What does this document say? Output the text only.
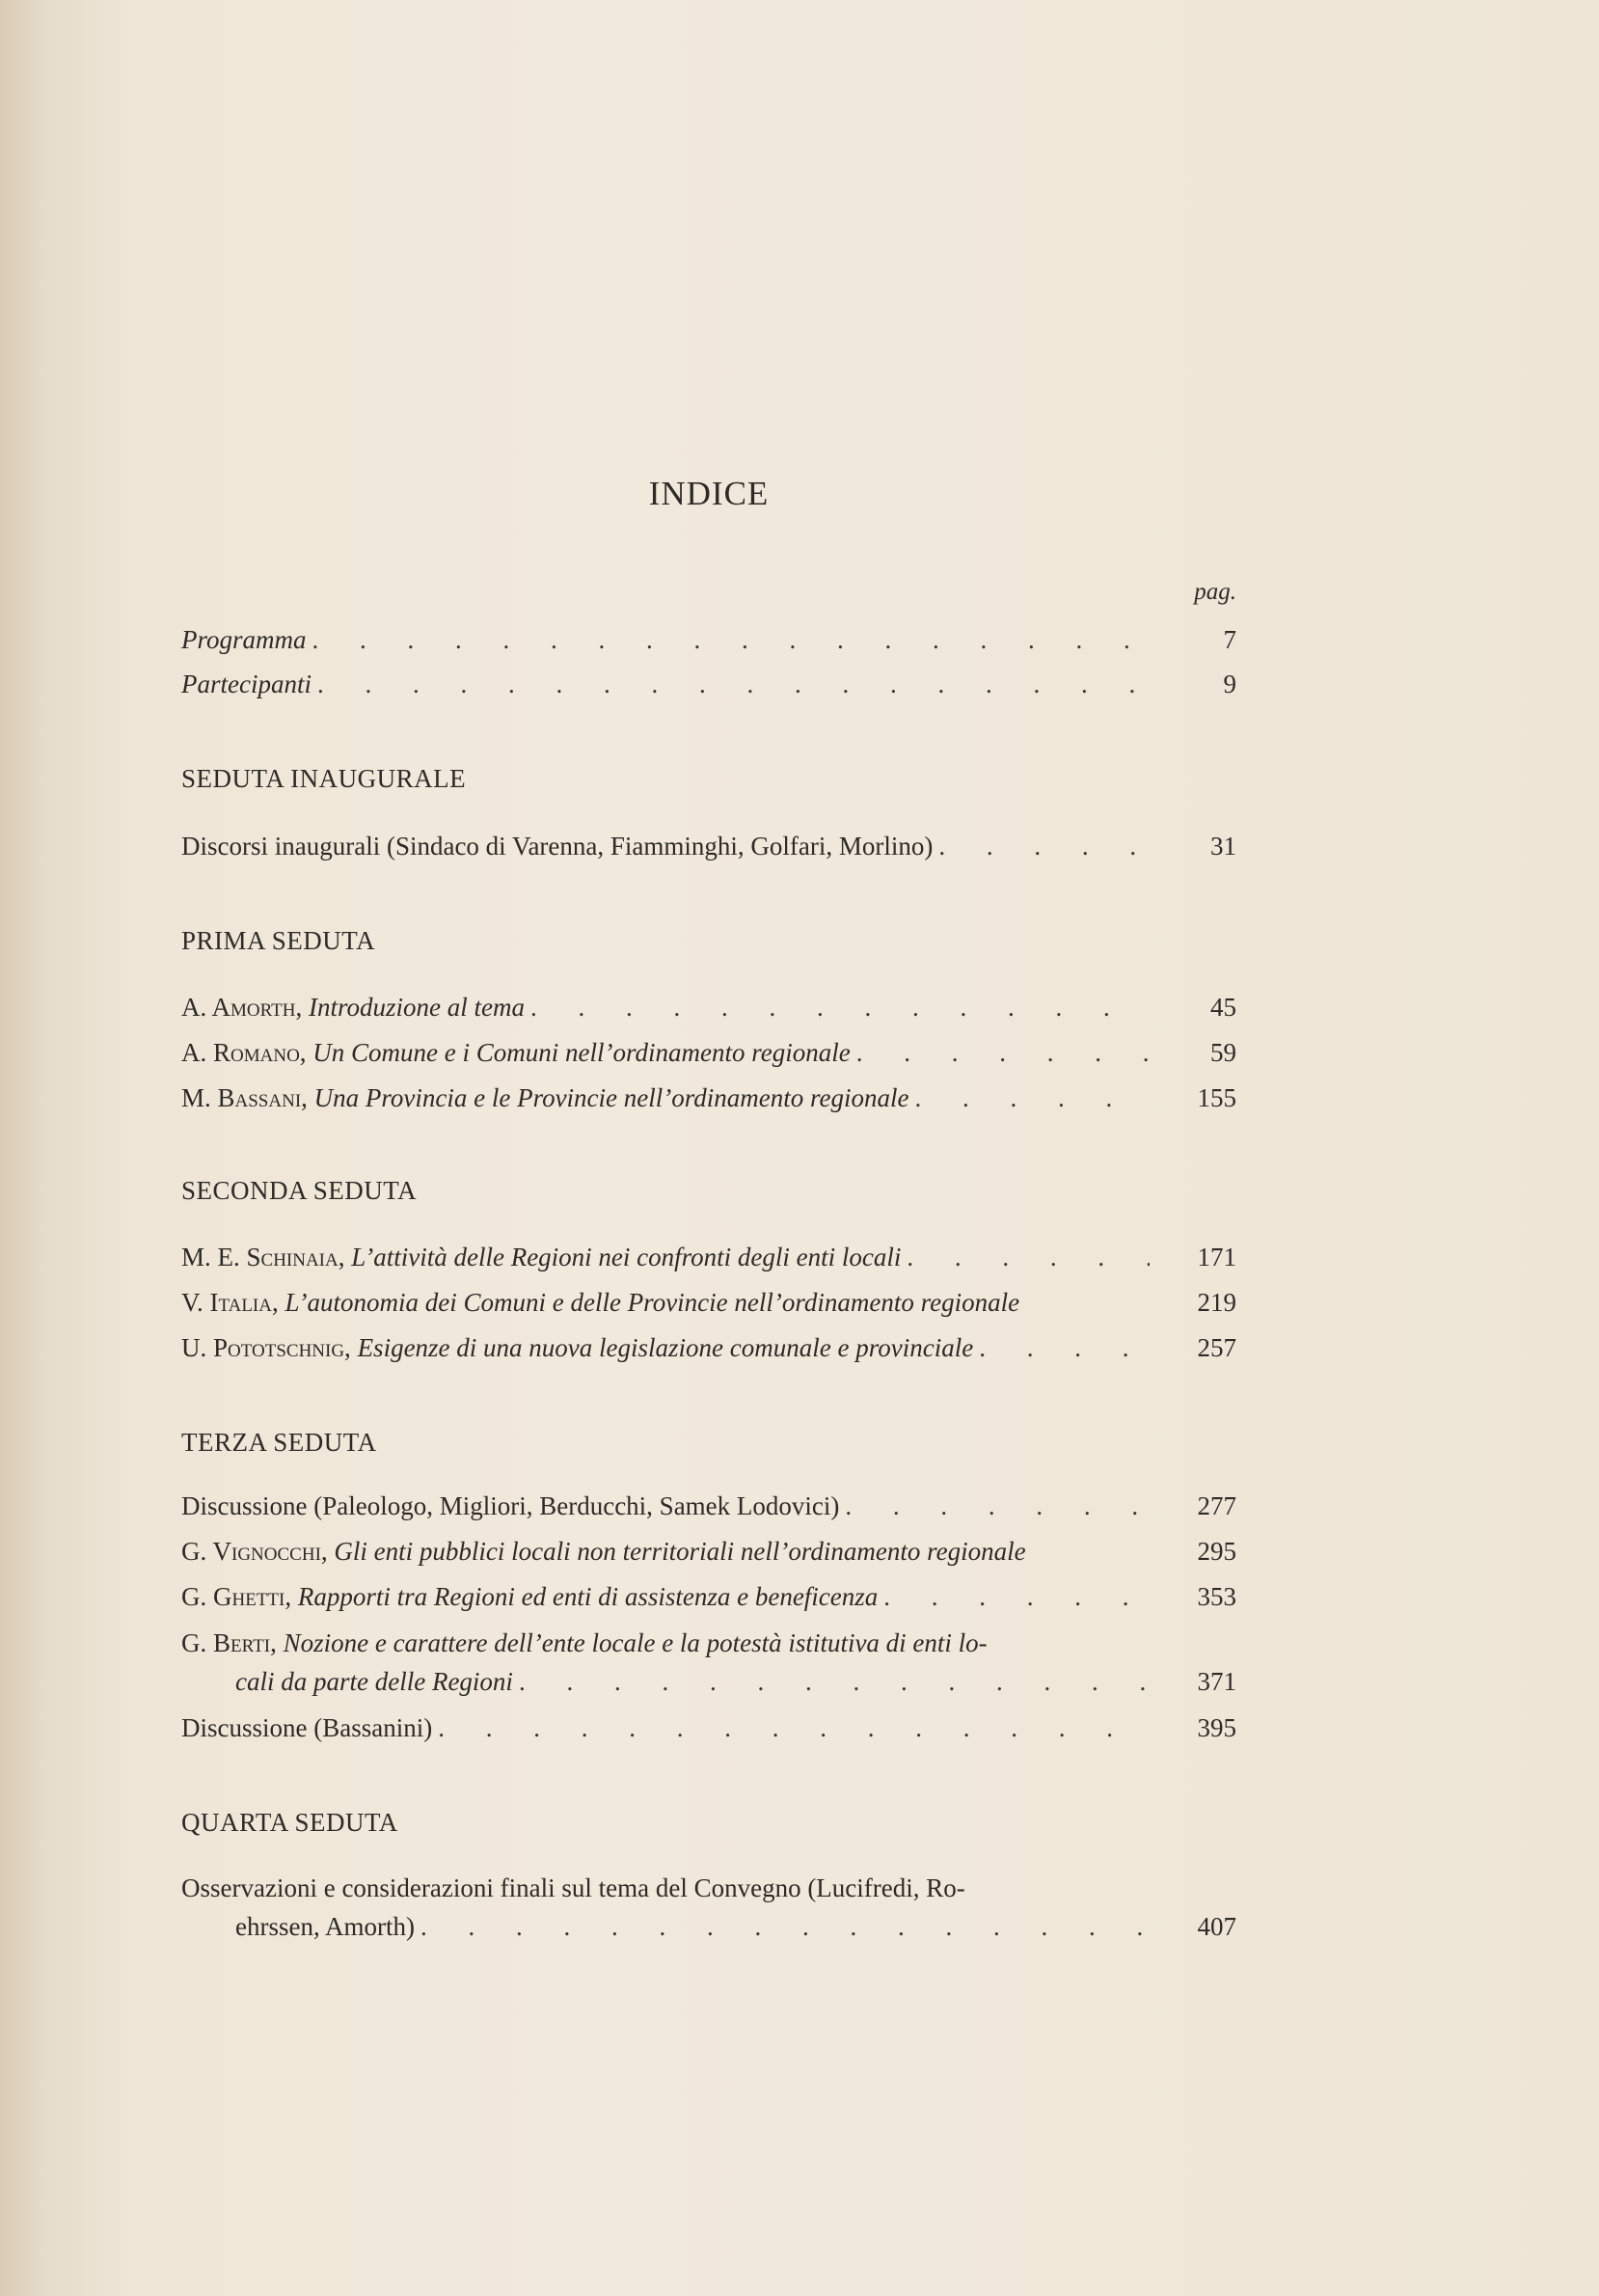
INDICE
pag.
Programma . . .	7
Partecipanti . . .	9
SEDUTA INAUGURALE
Discorsi inaugurali (Sindaco di Varenna, Fiamminghi, Golfari, Morlino) . . .	31
PRIMA SEDUTA
A. Amorth, Introduzione al tema . . .	45
A. Romano, Un Comune e i Comuni nell’ordinamento regionale . . .	59
M. Bassani, Una Provincia e le Provincie nell’ordinamento regionale . . .	155
SECONDA SEDUTA
M. E. Schinaia, L’attività delle Regioni nei confronti degli enti locali . . .	171
V. Italia, L’autonomia dei Comuni e delle Provincie nell’ordinamento regionale	219
U. Pototschnig, Esigenze di una nuova legislazione comunale e provinciale . . .	257
TERZA SEDUTA
Discussione (Paleologo, Migliori, Berducchi, Samek Lodovici) . . .	277
G. Vignocchi, Gli enti pubblici locali non territoriali nell’ordinamento regionale	295
G. Ghetti, Rapporti tra Regioni ed enti di assistenza e beneficenza . . .	353
G. Berti, Nozione e carattere dell’ente locale e la potestà istitutiva di enti lo-
cali da parte delle Regioni . . .	371
Discussione (Bassanini) . . .	395
QUARTA SEDUTA
Osservazioni e considerazioni finali sul tema del Convegno (Lucifredi, Ro-
ehrssen, Amorth) . . .	407
